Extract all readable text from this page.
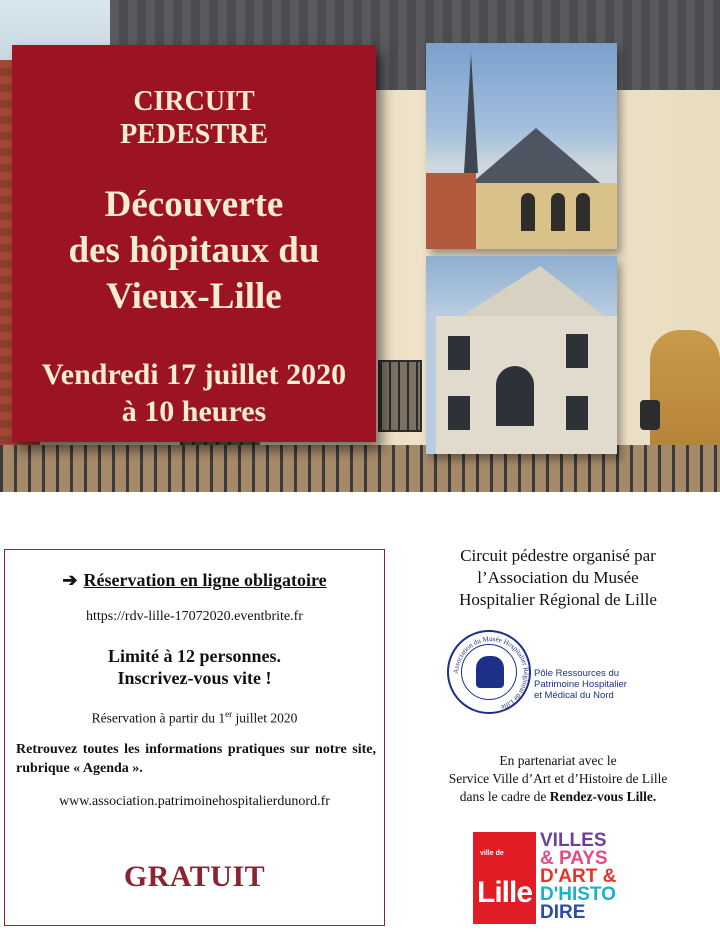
CIRCUIT
PEDESTRE
Découverte
des hôpitaux du
Vieux-Lille
Vendredi 17 juillet 2020
à 10 heures
➔ Réservation en ligne obligatoire
https://rdv-lille-17072020.eventbrite.fr
Limité à 12 personnes.
Inscrivez-vous vite !
Réservation à partir du 1er juillet 2020
Retrouvez toutes les informations pratiques sur notre site, rubrique « Agenda ».
www.association.patrimoinehospitalierdunord.fr
GRATUIT
Circuit pédestre organisé par
l’Association du Musée
Hospitalier Régional de Lille
Association du Musée Hospitalier Régional de Lille
Pôle Ressources du
Patrimoine Hospitalier
et Médical du Nord
En partenariat avec le
Service Ville d’Art et d’Histoire de Lille
dans le cadre de Rendez-vous Lille.
ville de
Lille
VILLES
& PAYS
D'ART &
D'HISTO
DIRE
